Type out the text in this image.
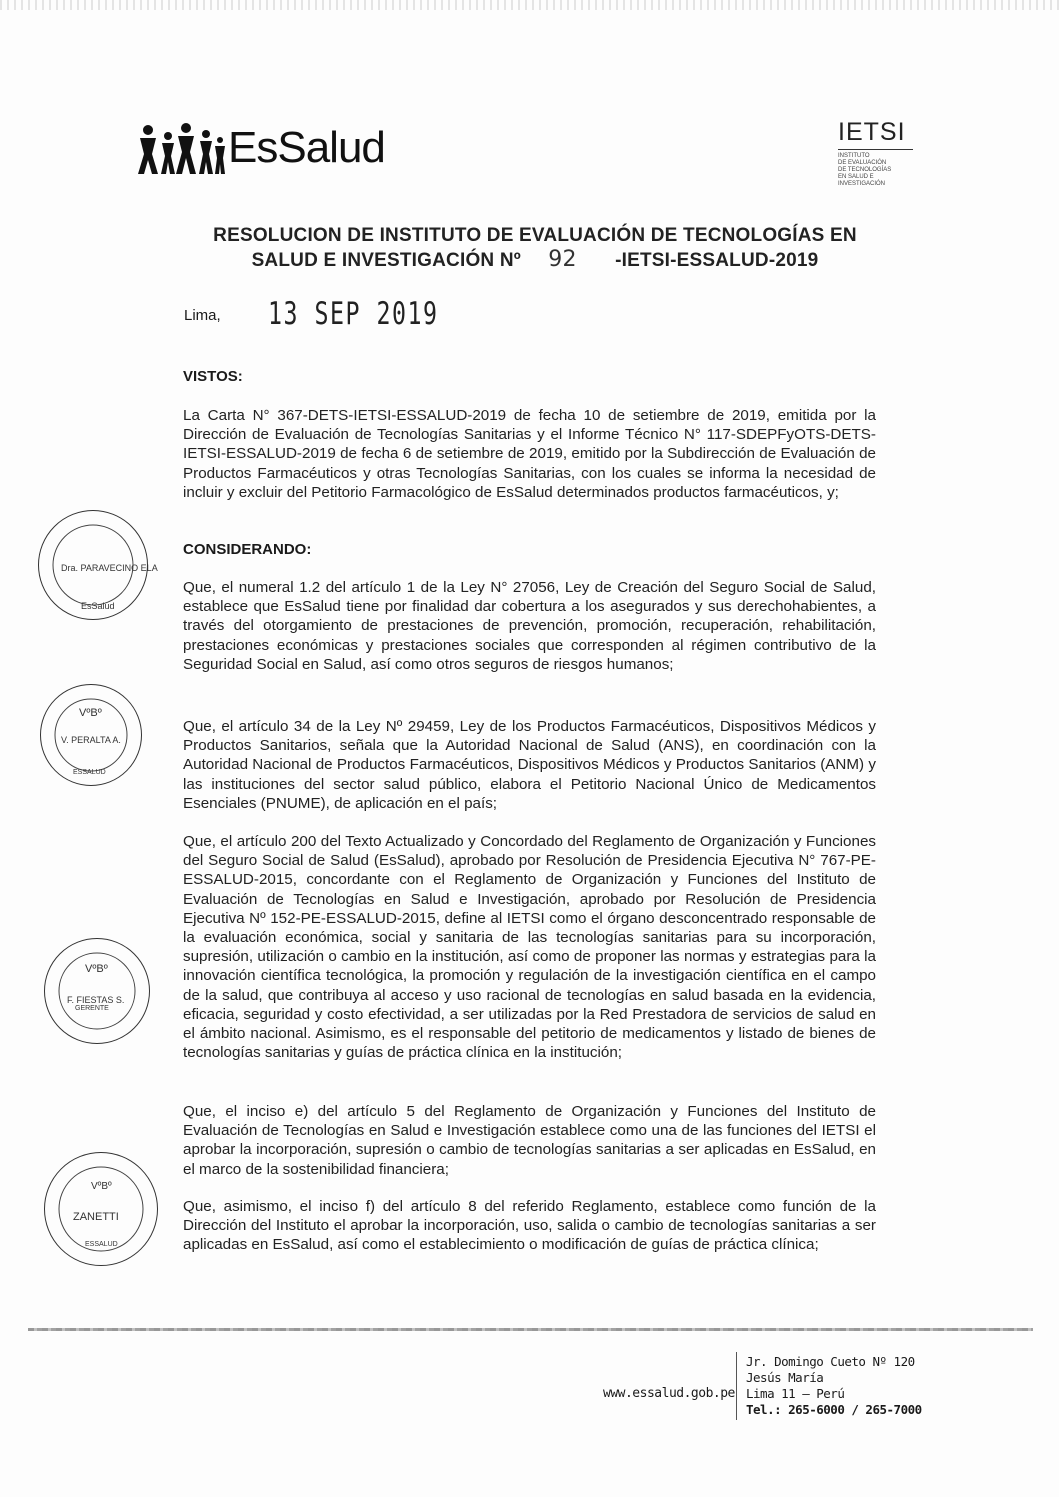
EsSalud	IETSI
INSTITUTO
DE EVALUACIÓN
DE TECNOLOGÍAS
EN SALUD E
INVESTIGACIÓN
RESOLUCION DE INSTITUTO DE EVALUACIÓN DE TECNOLOGÍAS EN
SALUD E INVESTIGACIÓN Nº 92 -IETSI-ESSALUD-2019
Lima, 13 SEP 2019
VISTOS:
La Carta N° 367-DETS-IETSI-ESSALUD-2019 de fecha 10 de setiembre de 2019, emitida por la Dirección de Evaluación de Tecnologías Sanitarias y el Informe Técnico N° 117-SDEPFyOTS-DETS-IETSI-ESSALUD-2019 de fecha 6 de setiembre de 2019, emitido por la Subdirección de Evaluación de Productos Farmacéuticos y otras Tecnologías Sanitarias, con los cuales se informa la necesidad de incluir y excluir del Petitorio Farmacológico de EsSalud determinados productos farmacéuticos, y;
CONSIDERANDO:
Que, el numeral 1.2 del artículo 1 de la Ley N° 27056, Ley de Creación del Seguro Social de Salud, establece que EsSalud tiene por finalidad dar cobertura a los asegurados y sus derechohabientes, a través del otorgamiento de prestaciones de prevención, promoción, recuperación, rehabilitación, prestaciones económicas y prestaciones sociales que corresponden al régimen contributivo de la Seguridad Social en Salud, así como otros seguros de riesgos humanos;
Que, el artículo 34 de la Ley Nº 29459, Ley de los Productos Farmacéuticos, Dispositivos Médicos y Productos Sanitarios, señala que la Autoridad Nacional de Salud (ANS), en coordinación con la Autoridad Nacional de Productos Farmacéuticos, Dispositivos Médicos y Productos Sanitarios (ANM) y las instituciones del sector salud público, elabora el Petitorio Nacional Único de Medicamentos Esenciales (PNUME), de aplicación en el país;
Que, el artículo 200 del Texto Actualizado y Concordado del Reglamento de Organización y Funciones del Seguro Social de Salud (EsSalud), aprobado por Resolución de Presidencia Ejecutiva N° 767-PE-ESSALUD-2015, concordante con el Reglamento de Organización y Funciones del Instituto de Evaluación de Tecnologías en Salud e Investigación, aprobado por Resolución de Presidencia Ejecutiva Nº 152-PE-ESSALUD-2015, define al IETSI como el órgano desconcentrado responsable de la evaluación económica, social y sanitaria de las tecnologías sanitarias para su incorporación, supresión, utilización o cambio en la institución, así como de proponer las normas y estrategias para la innovación científica tecnológica, la promoción y regulación de la investigación científica en el campo de la salud, que contribuya al acceso y uso racional de tecnologías en salud basada en la evidencia, eficacia, seguridad y costo efectividad, a ser utilizadas por la Red Prestadora de servicios de salud en el ámbito nacional. Asimismo, es el responsable del petitorio de medicamentos y listado de bienes de tecnologías sanitarias y guías de práctica clínica en la institución;
Que, el inciso e) del artículo 5 del Reglamento de Organización y Funciones del Instituto de Evaluación de Tecnologías en Salud e Investigación establece como una de las funciones del IETSI el aprobar la incorporación, supresión o cambio de tecnologías sanitarias a ser aplicadas en EsSalud, en el marco de la sostenibilidad financiera;
Que, asimismo, el inciso f) del artículo 8 del referido Reglamento, establece como función de la Dirección del Instituto el aprobar la incorporación, uso, salida o cambio de tecnologías sanitarias a ser aplicadas en EsSalud, así como el establecimiento o modificación de guías de práctica clínica;
Dra. PARAVECINO ELA
EsSalud
VºBº
V. PERALTA A.
ESSALUD
VºBº
F. FIESTAS S.
GERENTE
VºBº
ZANETTI
ESSALUD
www.essalud.gob.pe
Jr. Domingo Cueto Nº 120
Jesús María
Lima 11 – Perú
Tel.: 265-6000 / 265-7000
